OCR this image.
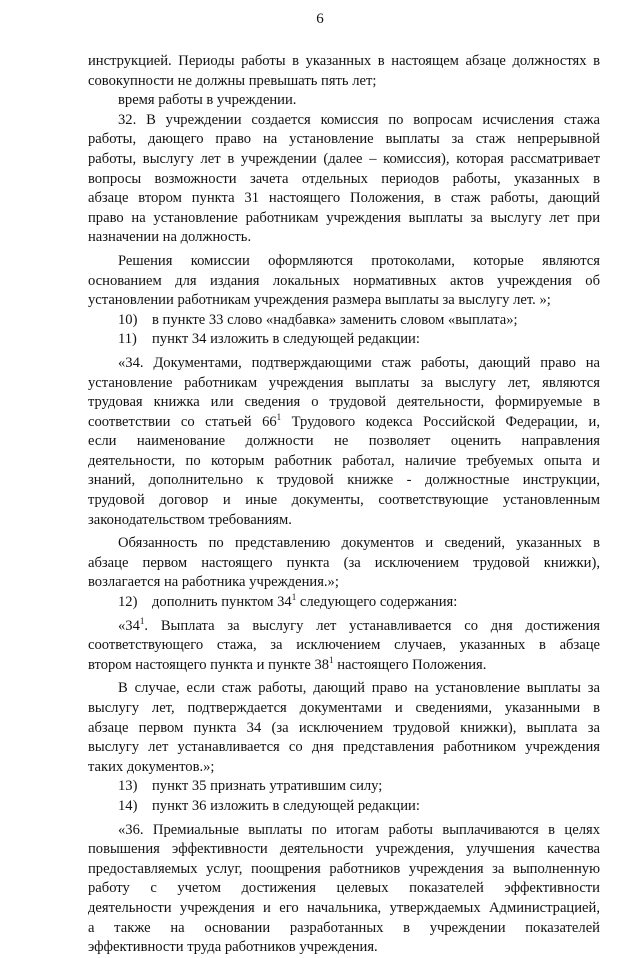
6

инструкцией. Периоды работы в указанных в настоящем абзаце должностях в

совокупности не должны превышать пять лет;

время работы в учреждении.

32. В учреждении создается комиссия по вопросам исчисления стажа

работы, дающего право на установление выплаты за стаж непрерывной

работы, выслугу лет в учреждении (далее – комиссия), которая рассматривает

вопросы возможности зачета отдельных периодов работы, указанных в

абзаце втором пункта 31 настоящего Положения, в стаж работы, дающий

право на установление работникам учреждения выплаты за выслугу лет при

назначении на должность.

Решения комиссии оформляются протоколами, которые являются

основанием для издания локальных нормативных актов учреждения об

установлении работникам учреждения размера выплаты за выслугу лет. »;

10) в пункте 33 слово «надбавка» заменить словом «выплата»;
11)	пункт 34 изложить в следующей редакции:

«34. Документами, подтверждающими стаж работы, дающий право на

установление работникам учреждения выплаты за выслугу лет, являются

трудовая книжка или сведения о трудовой деятельности, формируемые в

соответствии со статьей $66^1$ Трудового кодекса Российской Федерации, и,

если наименование должности не позволяет оценить направления

деятельности, по которым работник работал, наличие требуемых опыта и

знаний, дополнительно к трудовой книжке - должностные инструкции,

трудовой договор и иные документы, соответствующие установленным

законодательством требованиям.

Обязанность по представлению документов и сведений, указанных в

абзаце первом настоящего пункта (за исключением трудовой книжки),

возлагается на работника учреждения.»;

12) дополнить пунктом $34^1$ следующего содержания:

«$34^1$. Выплата за выслугу лет устанавливается со дня достижения

соответствующего стажа, за исключением случаев, указанных в абзаце

втором настоящего пункта и пункте $38^1$ настоящего Положения.

В случае, если стаж работы, дающий право на установление выплаты за

выслугу лет, подтверждается документами и сведениями, указанными в

абзаце первом пункта 34 (за исключением трудовой книжки), выплата за

выслугу лет устанавливается со дня представления работником учреждения

таких документов.»;

13) пункт 35 признать утратившим силу;
14) пункт 36 изложить в следующей редакции:

«36. Премиальные выплаты по итогам работы выплачиваются в целях

повышения эффективности деятельности учреждения, улучшения качества

предоставляемых услуг, поощрения работников учреждения за выполненную

работу с учетом достижения целевых показателей эффективности

деятельности учреждения и его начальника, утверждаемых Администрацией,

а также на основании разработанных в учреждении показателей

эффективности труда работников учреждения.
